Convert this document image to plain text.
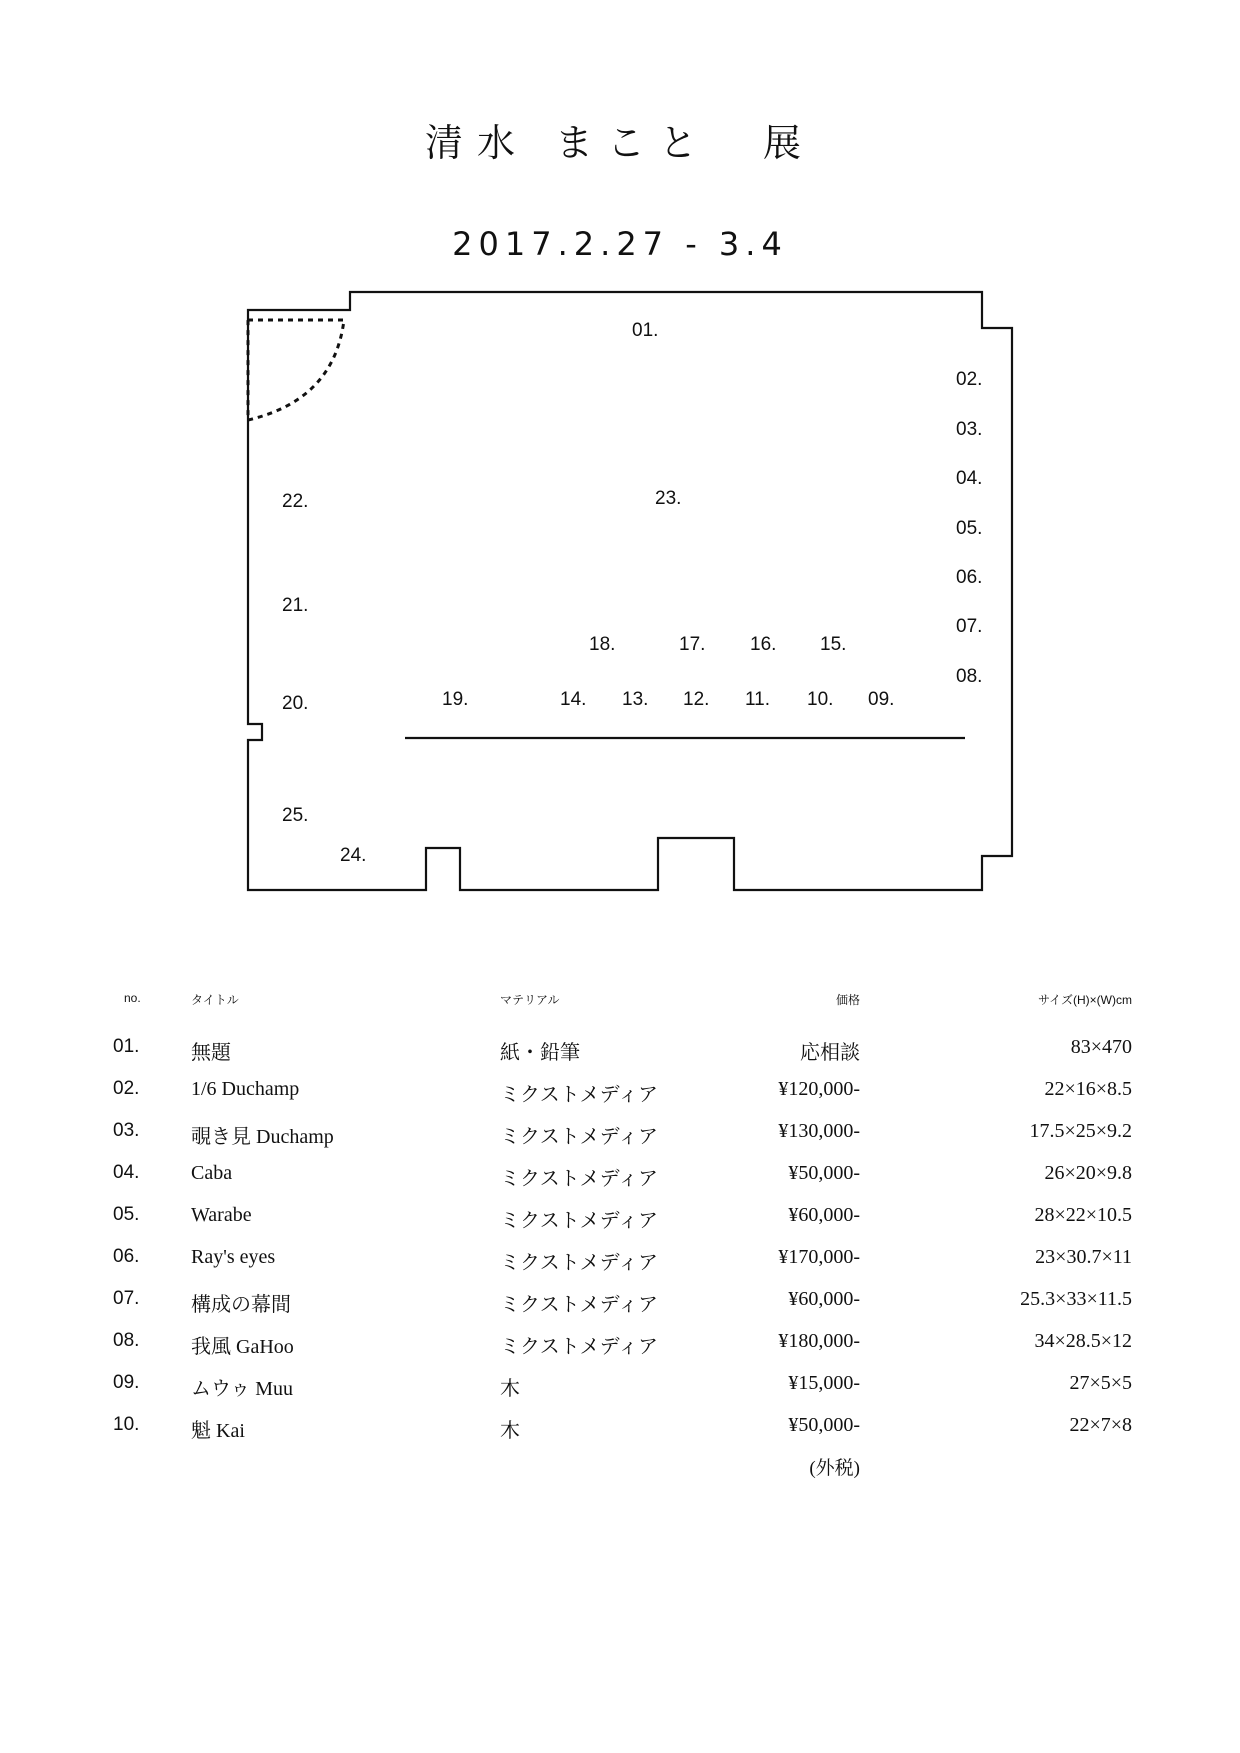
清水 まこと　展
2017.2.27 - 3.4
01.
02.
03.
04.
05.
06.
07.
08.
09.
10.
11.
12.
13.
14.
15.
16.
17.
18.
19.
20.
21.
22.	23.
24.
25.
no.	タイトル	マテリアル	価格	サイズ(H)×(W)cm
01.	無題	紙・鉛筆	応相談	83×470
02.	1/6 Duchamp	ミクストメディア	¥120,000-	22×16×8.5
03.	覗き見 Duchamp	ミクストメディア	¥130,000-	17.5×25×9.2
04.	Caba	ミクストメディア	¥50,000-	26×20×9.8
05.	Warabe	ミクストメディア	¥60,000-	28×22×10.5
06.	Ray's eyes	ミクストメディア	¥170,000-	23×30.7×11
07.	構成の幕間	ミクストメディア	¥60,000-	25.3×33×11.5
08.	我風 GaHoo	ミクストメディア	¥180,000-	34×28.5×12
09.	ムウゥ Muu	木	¥15,000-	27×5×5
10.	魁 Kai	木	¥50,000-	22×7×8
(外税)
